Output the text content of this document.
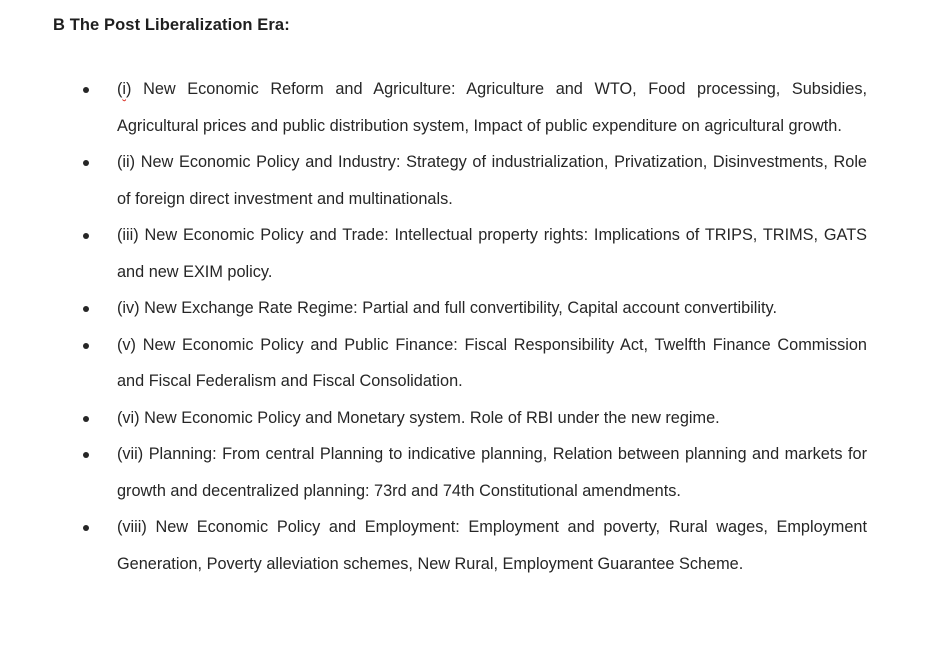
B The Post Liberalization Era:
(i) New Economic Reform and Agriculture: Agriculture and WTO, Food processing, Subsidies, Agricultural prices and public distribution system, Impact of public expenditure on agricultural growth.
(ii) New Economic Policy and Industry: Strategy of industrialization, Privatization, Disinvestments, Role of foreign direct investment and multinationals.
(iii) New Economic Policy and Trade: Intellectual property rights: Implications of TRIPS, TRIMS, GATS and new EXIM policy.
(iv) New Exchange Rate Regime: Partial and full convertibility, Capital account convertibility.
(v) New Economic Policy and Public Finance: Fiscal Responsibility Act, Twelfth Finance Commission and Fiscal Federalism and Fiscal Consolidation.
(vi) New Economic Policy and Monetary system. Role of RBI under the new regime.
(vii) Planning: From central Planning to indicative planning, Relation between planning and markets for growth and decentralized planning: 73rd and 74th Constitutional amendments.
(viii) New Economic Policy and Employment: Employment and poverty, Rural wages, Employment Generation, Poverty alleviation schemes, New Rural, Employment Guarantee Scheme.
